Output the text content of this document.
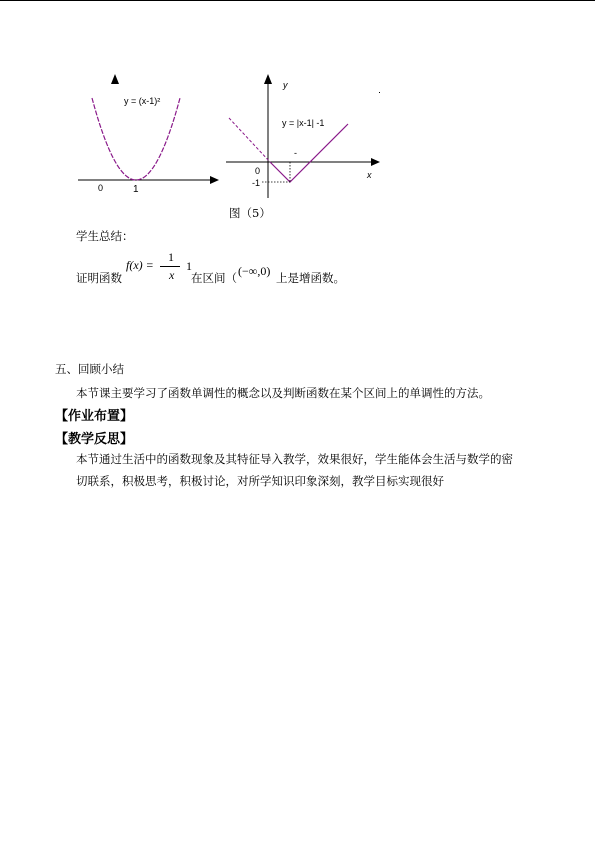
y = (x-1)²
0	1
y
y = |x-1| -1
-
0
-1
x
图（5）
学生总结：
证明函数
f(x) =
1
x
1
在区间（ (−∞,0) 上是增函数。
五、回顾小结
本节课主要学习了函数单调性的概念以及判断函数在某个区间上的单调性的方法。
【作业布置】
【教学反思】
本节通过生活中的函数现象及其特征导入教学，效果很好，学生能体会生活与数学的密
切联系，积极思考，积极讨论，对所学知识印象深刻，教学目标实现很好
